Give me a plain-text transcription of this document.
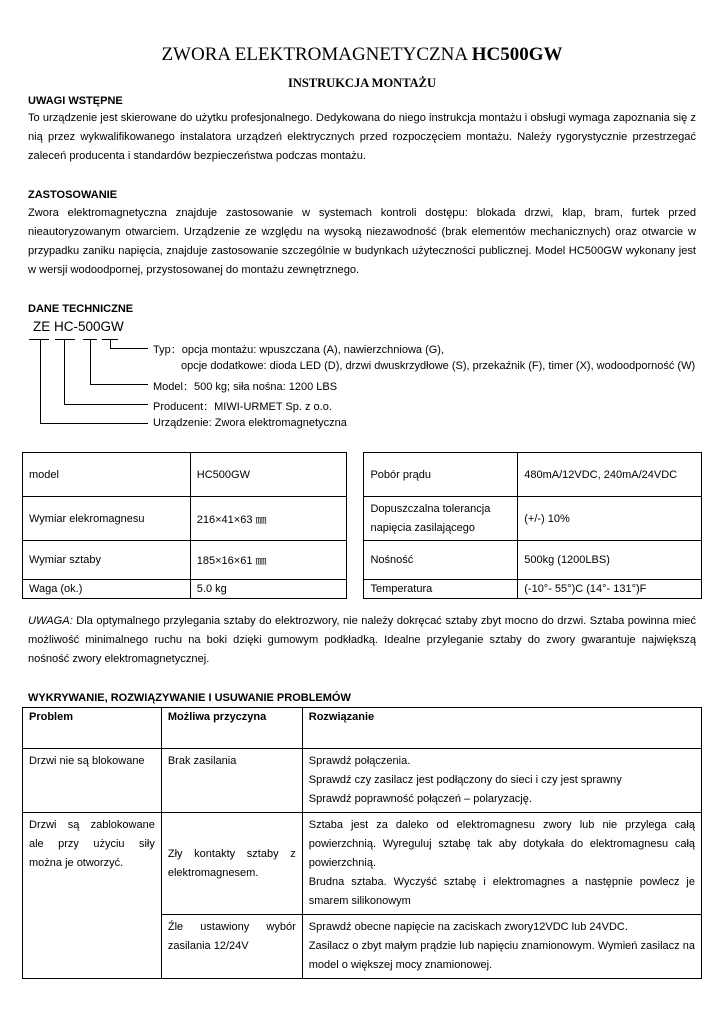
ZWORA ELEKTROMAGNETYCZNA HC500GW
INSTRUKCJA MONTAŻU
UWAGI WSTĘPNE
To urządzenie jest skierowane do użytku profesjonalnego. Dedykowana do niego instrukcja montażu i obsługi wymaga zapoznania się z nią przez wykwalifikowanego instalatora urządzeń elektrycznych przed rozpoczęciem montażu. Należy rygorystycznie przestrzegać zaleceń producenta i standardów bezpieczeństwa podczas montażu.
ZASTOSOWANIE
Zwora elektromagnetyczna znajduje zastosowanie w systemach kontroli dostępu: blokada drzwi, klap, bram, furtek przed nieautoryzowanym otwarciem. Urządzenie ze względu na wysoką niezawodność (brak elementów mechanicznych) oraz otwarcie w przypadku zaniku napięcia, znajduje zastosowanie szczególnie w budynkach użyteczności publicznej. Model HC500GW wykonany jest w wersji wodoodpornej, przystosowanej do montażu zewnętrznego.
DANE TECHNICZNE
ZE HC-500GW
Typ：opcja montażu: wpuszczana (A), nawierzchniowa (G),
opcje dodatkowe: dioda LED (D), drzwi dwuskrzydłowe (S), przekaźnik (F), timer (X), wodoodporność (W)
Model：500 kg; siła nośna: 1200 LBS
Producent：MIWI-URMET Sp. z o.o.
Urządzenie: Zwora elektromagnetyczna
model	HC500GW		Pobór prądu	480mA/12VDC, 240mA/24VDC
Wymiar elekromagnesu	216×41×63 ㎜		Dopuszczalna tolerancja napięcia zasilającego	(+/-) 10%
Wymiar sztaby	185×16×61 ㎜		Nośność	500kg (1200LBS)
Waga (ok.)	5.0 kg		Temperatura	(-10°- 55°)C (14°- 131°)F
UWAGA: Dla optymalnego przylegania sztaby do elektrozwory, nie należy dokręcać sztaby zbyt mocno do drzwi. Sztaba powinna mieć możliwość minimalnego ruchu na boki dzięki gumowym podkładką. Idealne przyleganie sztaby do zwory gwarantuje największą nośność zwory elektromagnetycznej.
WYKRYWANIE, ROZWIĄZYWANIE I USUWANIE PROBLEMÓW
Problem	Możliwa przyczyna	Rozwiązanie
Drzwi nie są blokowane	Brak zasilania	Sprawdź połączenia.
Sprawdź czy zasilacz jest podłączony do sieci i czy jest sprawny
Sprawdź poprawność połączeń – polaryzację.

Drzwi są zablokowane ale przy użyciu siły można je otworzyć.	Zły kontakty sztaby z elektromagnesem.	Sztaba jest za daleko od elektromagnesu zwory lub nie przylega całą powierzchnią. Wyreguluj sztabę tak aby dotykała do elektromagnesu całą powierzchnią.
Brudna sztaba. Wyczyść sztabę i elektromagnes a następnie powlecz je smarem silikonowym

	Źle ustawiony wybór zasilania 12/24V	Sprawdź obecne napięcie na zaciskach zwory12VDC lub 24VDC.
Zasilacz o zbyt małym prądzie lub napięciu znamionowym. Wymień zasilacz na model o większej mocy znamionowej.
